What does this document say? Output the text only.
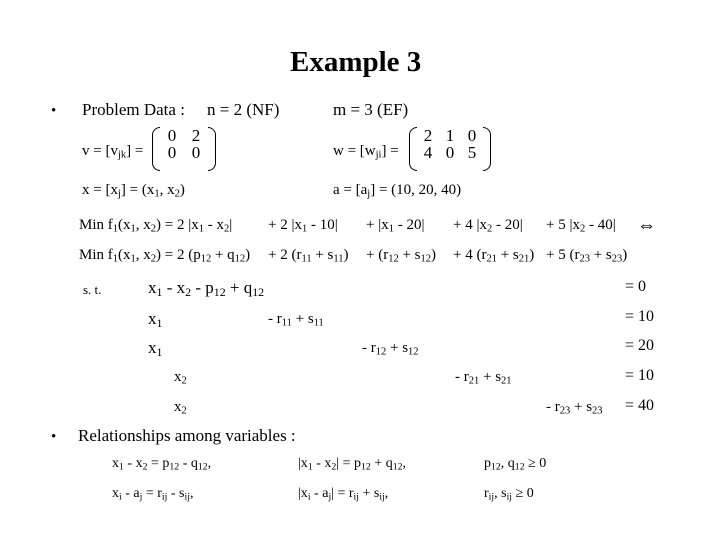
Example 3
• Problem Data : n = 2 (NF)	m = 3 (EF)
$v = [v_{jk}]$ =
0 2
0 0	$w = [w_{ji}]$ =
2 1 0
4 0 5
$x = [x_j] = (x_1$, $x_2$)	$a = [a_j] = (10$, 20, 40)
Min $f_1(x_1$, $x_2) = 2$ $|x_1 - x_2| + 2$ $|x_1 - 10| + |x_1 - 20| + 4$ $|x_2 - 20| + 5$ $|x_2 - 40|$ ⇔
Min $f_1(x_1$, $x_2) = 2$ $(p_{12} + q_{12}) + 2$ $(r_{11} + s_{11}) + (r_{12} + s_{12}) + 4$ $(r_{21} + s_{21}) + 5$ $(r_{23} + s_{23})$
s. t.	$x_1 - x_2 - p_{12} + q_{12}$	= 0
$x_1$	- $r_{11} + s_{11}$	= 10
$x_1$	- $r_{12} + s_{12}$	= 20
$x_2$	- $r_{21} + s_{21}$	= 10
$x_2$	- $r_{23} + s_{23} = 40$
• Relationships among variables :
$x_1 - x_2 = p_{12} - q_{12}$,	$|x_1 - x_2| = p_{12} + q_{12}$,	$p_{12}$, $q_{12} \ge 0$
$x_i - a_j = r_{ij} - s_{ij}$,	$|x_i - a_j| = r_{ij} + s_{ij}$,	$r_{ij}$, $s_{ij} \ge 0$
